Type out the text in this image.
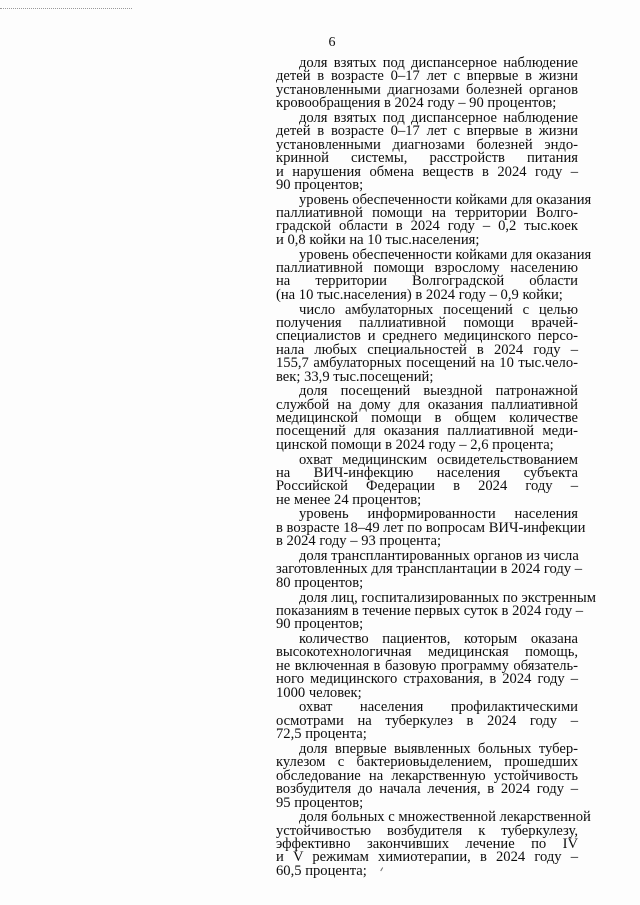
6
доля взятых под диспансерное наблюдение
детей в возрасте 0–17 лет с впервые в жизни
установленными диагнозами болезней органов
кровообращения в 2024 году – 90 процентов;
доля взятых под диспансерное наблюдение
детей в возрасте 0–17 лет с впервые в жизни
установленными диагнозами болезней эндо-
кринной системы, расстройств питания
и нарушения обмена веществ в 2024 году –
90 процентов;
уровень обеспеченности койками для оказания
паллиативной помощи на территории Волго-
градской области в 2024 году – 0,2 тыс.коек
и 0,8 койки на 10 тыс.населения;
уровень обеспеченности койками для оказания
паллиативной помощи взрослому населению
на территории Волгоградской области
(на 10 тыс.населения) в 2024 году – 0,9 койки;
число амбулаторных посещений с целью
получения паллиативной помощи врачей-
специалистов и среднего медицинского персо-
нала любых специальностей в 2024 году –
155,7 амбулаторных посещений на 10 тыс.чело-
век; 33,9 тыс.посещений;
доля посещений выездной патронажной
службой на дому для оказания паллиативной
медицинской помощи в общем количестве
посещений для оказания паллиативной меди-
цинской помощи в 2024 году – 2,6 процента;
охват медицинским освидетельствованием
на ВИЧ-инфекцию населения субъекта
Российской Федерации в 2024 году –
не менее 24 процентов;
уровень информированности населения
в возрасте 18–49 лет по вопросам ВИЧ-инфекции
в 2024 году – 93 процента;
доля трансплантированных органов из числа
заготовленных для трансплантации в 2024 году –
80 процентов;
доля лиц, госпитализированных по экстренным
показаниям в течение первых суток в 2024 году –
90 процентов;
количество пациентов, которым оказана
высокотехнологичная медицинская помощь,
не включенная в базовую программу обязатель-
ного медицинского страхования, в 2024 году –
1000 человек;
охват населения профилактическими
осмотрами на туберкулез в 2024 году –
72,5 процента;
доля впервые выявленных больных тубер-
кулезом с бактериовыделением, прошедших
обследование на лекарственную устойчивость
возбудителя до начала лечения, в 2024 году –
95 процентов;
доля больных с множественной лекарственной
устойчивостью возбудителя к туберкулезу,
эффективно закончивших лечение по IV
и V режимам химиотерапии, в 2024 году –
60,5 процента;
